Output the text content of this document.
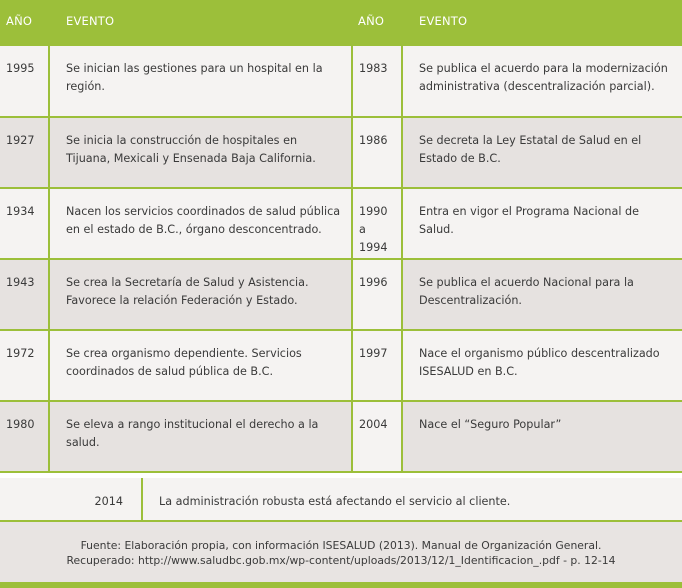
AÑO	EVENTO	AÑO	EVENTO
1995	Se inician las gestiones para un hospital en la región.	1983	Se publica el acuerdo para la modernización administrativa (descentralización parcial).
1927	Se inicia la construcción de hospitales en Tijuana, Mexicali y Ensenada Baja California.	1986	Se decreta la Ley Estatal de Salud en el Estado de B.C.
1934	Nacen los servicios coordinados de salud pública en el estado de B.C., órgano desconcentrado.	1990 a 1994	Entra en vigor el Programa Nacional de Salud.
1943	Se crea la Secretaría de Salud y Asistencia. Favorece la relación Federación y Estado.	1996	Se publica el acuerdo Nacional para la Descentralización.
1972	Se crea organismo dependiente. Servicios coordinados de salud pública de B.C.	1997	Nace el organismo público descentralizado ISESALUD en B.C.
1980	Se eleva a rango institucional el derecho a la salud.	2004	Nace el “Seguro Popular”
2014	La administración robusta está afectando el servicio al cliente.
Fuente: Elaboración propia, con información ISESALUD (2013). Manual de Organización General.
Recuperado: http://www.saludbc.gob.mx/wp-content/uploads/2013/12/1_Identificacion_.pdf - p. 12-14
